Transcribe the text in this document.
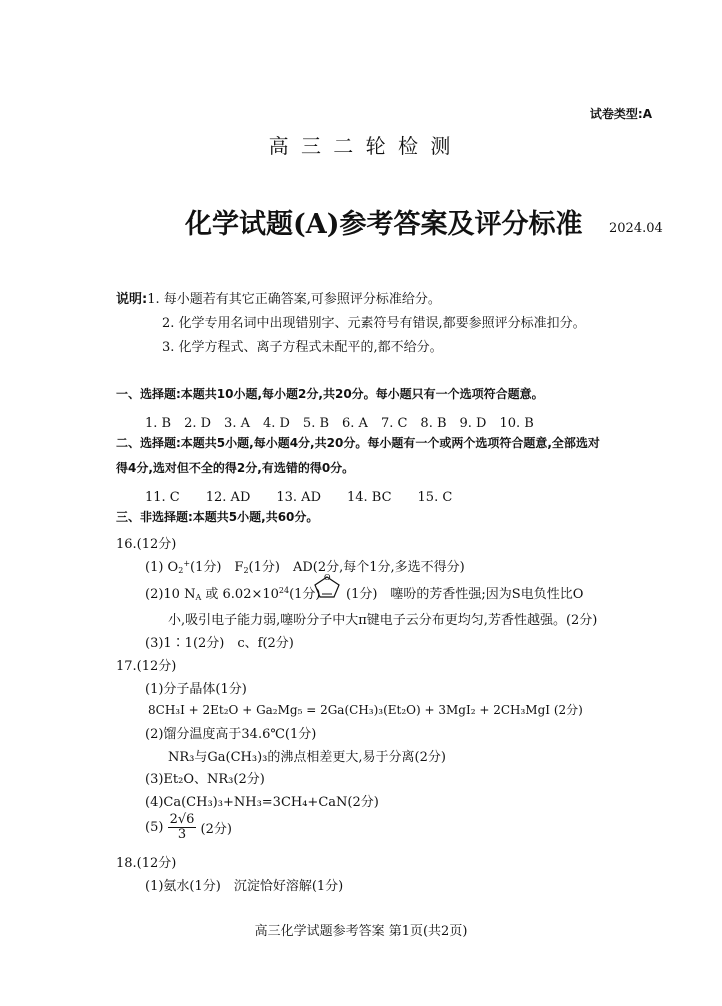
试卷类型:A
高 三 二 轮 检 测
化学试题(A)参考答案及评分标准 2024.04
说明:1. 每小题若有其它正确答案,可参照评分标准给分。
2. 化学专用名词中出现错别字、元素符号有错误,都要参照评分标准扣分。
3. 化学方程式、离子方程式未配平的,都不给分。
一、选择题:本题共10小题,每小题2分,共20分。每小题只有一个选项符合题意。
1. B　2. D　3. A　4. D　5. B　6. A　7. C　8. B　9. D　10. B
二、选择题:本题共5小题,每小题4分,共20分。每小题有一个或两个选项符合题意,全部选对
得4分,选对但不全的得2分,有选错的得0分。
11. C　　12. AD　　13. AD　　14. BC　　15. C
三、非选择题:本题共5小题,共60分。
16.(12分)
(1) $O_2^+(1$分)　$F_2(1$分)　AD(2分,每个1分,多选不得分)
(2)10 $N_A$ 或 $6.02\times 10^{24}(1$分)
O
(1分)　噻吩的芳香性强;因为S电负性比O
小,吸引电子能力弱,噻吩分子中大π键电子云分布更均匀,芳香性越强。(2分)
(3)1∶1(2分)　c、f(2分)
17.(12分)
(1)分子晶体(1分)
8CH₃I + 2Et₂O + Ga₂Mg₅ = 2Ga(CH₃)₃(Et₂O) + 3MgI₂ + 2CH₃MgI (2分)
(2)馏分温度高于34.6℃(1分)
NR₃与Ga(CH₃)₃的沸点相差更大,易于分离(2分)
(3)Et₂O、NR₃(2分)
(4)Ca(CH₃)₃+NH₃=3CH₄+CaN(2分)
$(5) \frac{2√6}{3} (2$分)
18.(12分)
(1)氨水(1分)　沉淀恰好溶解(1分)
高三化学试题参考答案 第1页(共2页)
